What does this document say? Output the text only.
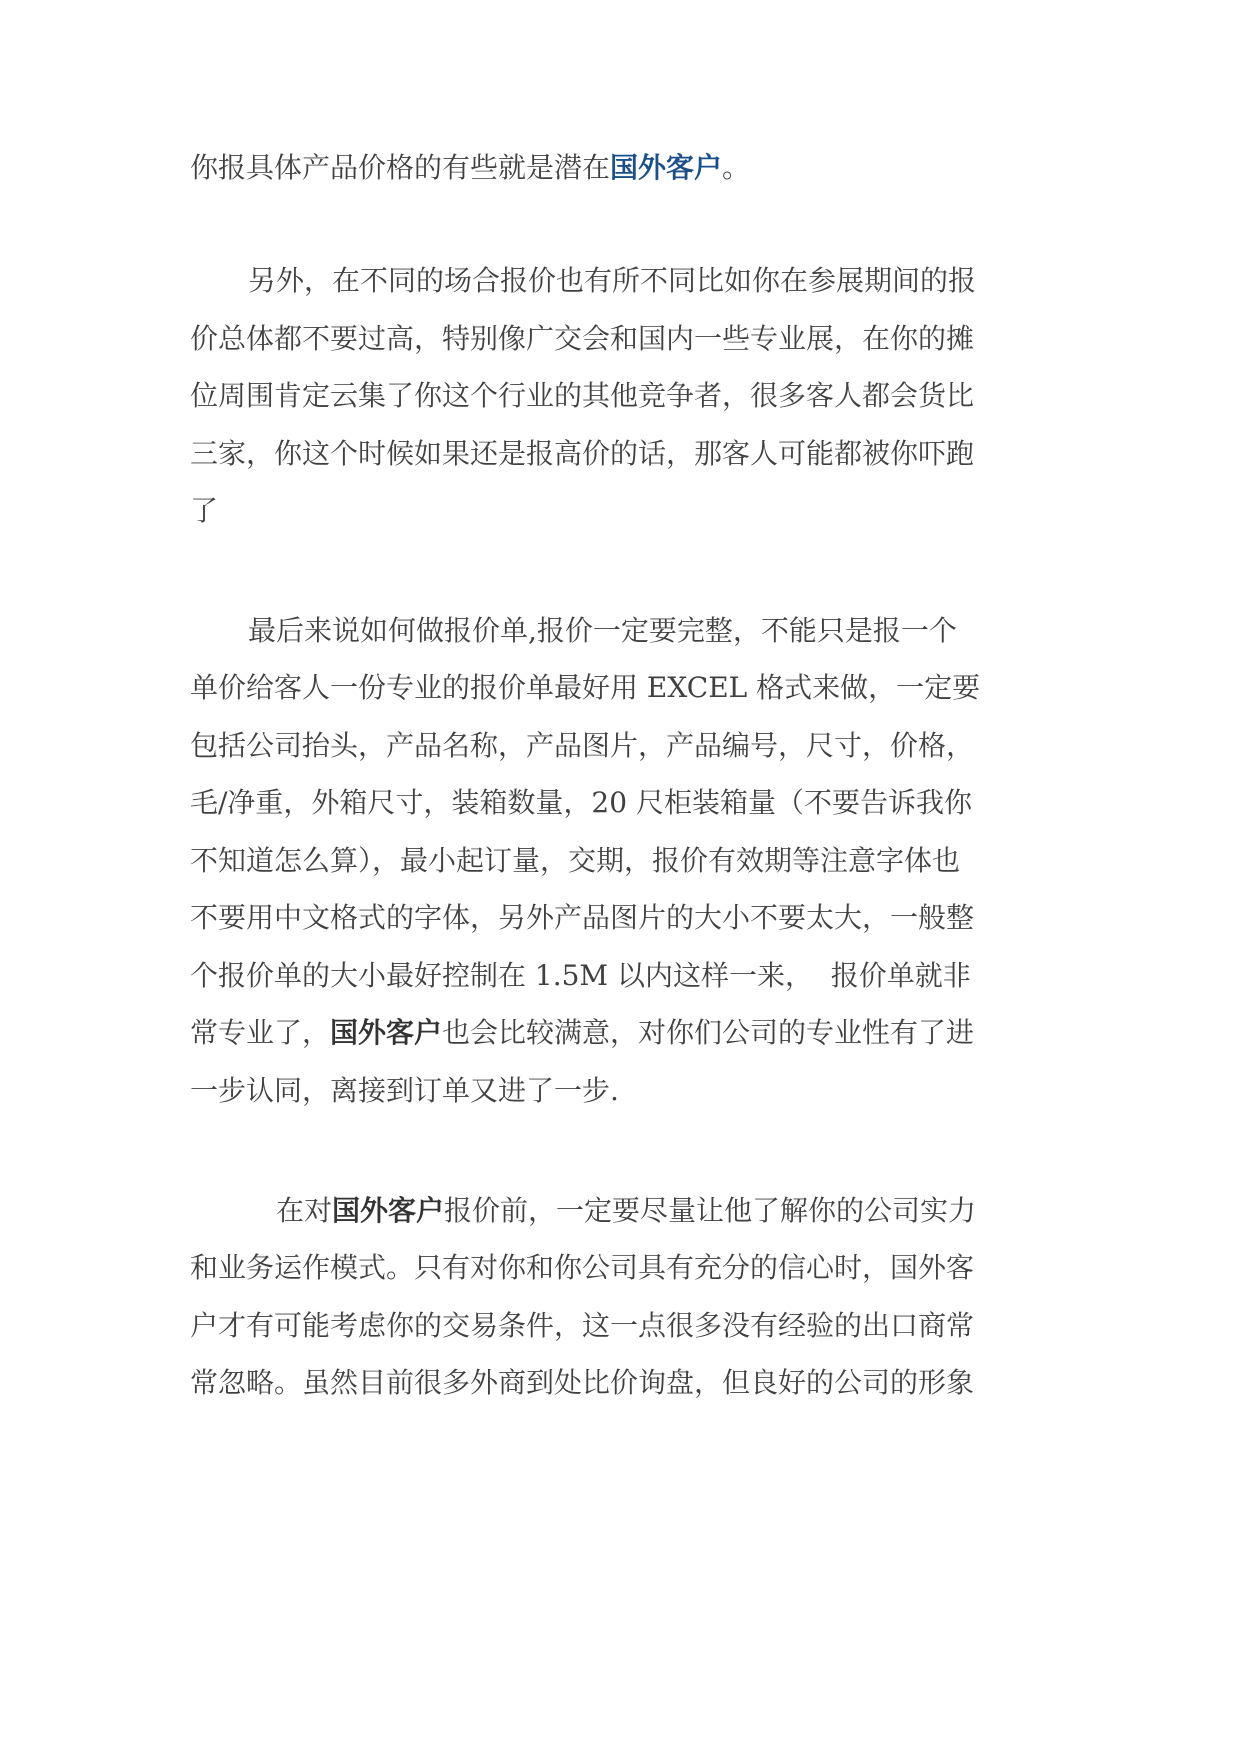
你报具体产品价格的有些就是潜在国外客户。
另外，在不同的场合报价也有所不同比如你在参展期间的报
价总体都不要过高，特别像广交会和国内一些专业展，在你的摊
位周围肯定云集了你这个行业的其他竞争者，很多客人都会货比
三家，你这个时候如果还是报高价的话，那客人可能都被你吓跑
了
最后来说如何做报价单,报价一定要完整，不能只是报一个
单价给客人一份专业的报价单最好用 EXCEL 格式来做，一定要
包括公司抬头，产品名称，产品图片，产品编号，尺寸，价格，
毛/净重，外箱尺寸，装箱数量，20 尺柜装箱量（不要告诉我你
不知道怎么算），最小起订量，交期，报价有效期等注意字体也
不要用中文格式的字体，另外产品图片的大小不要太大，一般整
个报价单的大小最好控制在 1.5M 以内这样一来，  报价单就非
常专业了，国外客户也会比较满意，对你们公司的专业性有了进
一步认同，离接到订单又进了一步.
在对国外客户报价前，一定要尽量让他了解你的公司实力
和业务运作模式。只有对你和你公司具有充分的信心时，国外客
户才有可能考虑你的交易条件，这一点很多没有经验的出口商常
常忽略。虽然目前很多外商到处比价询盘，但良好的公司的形象
